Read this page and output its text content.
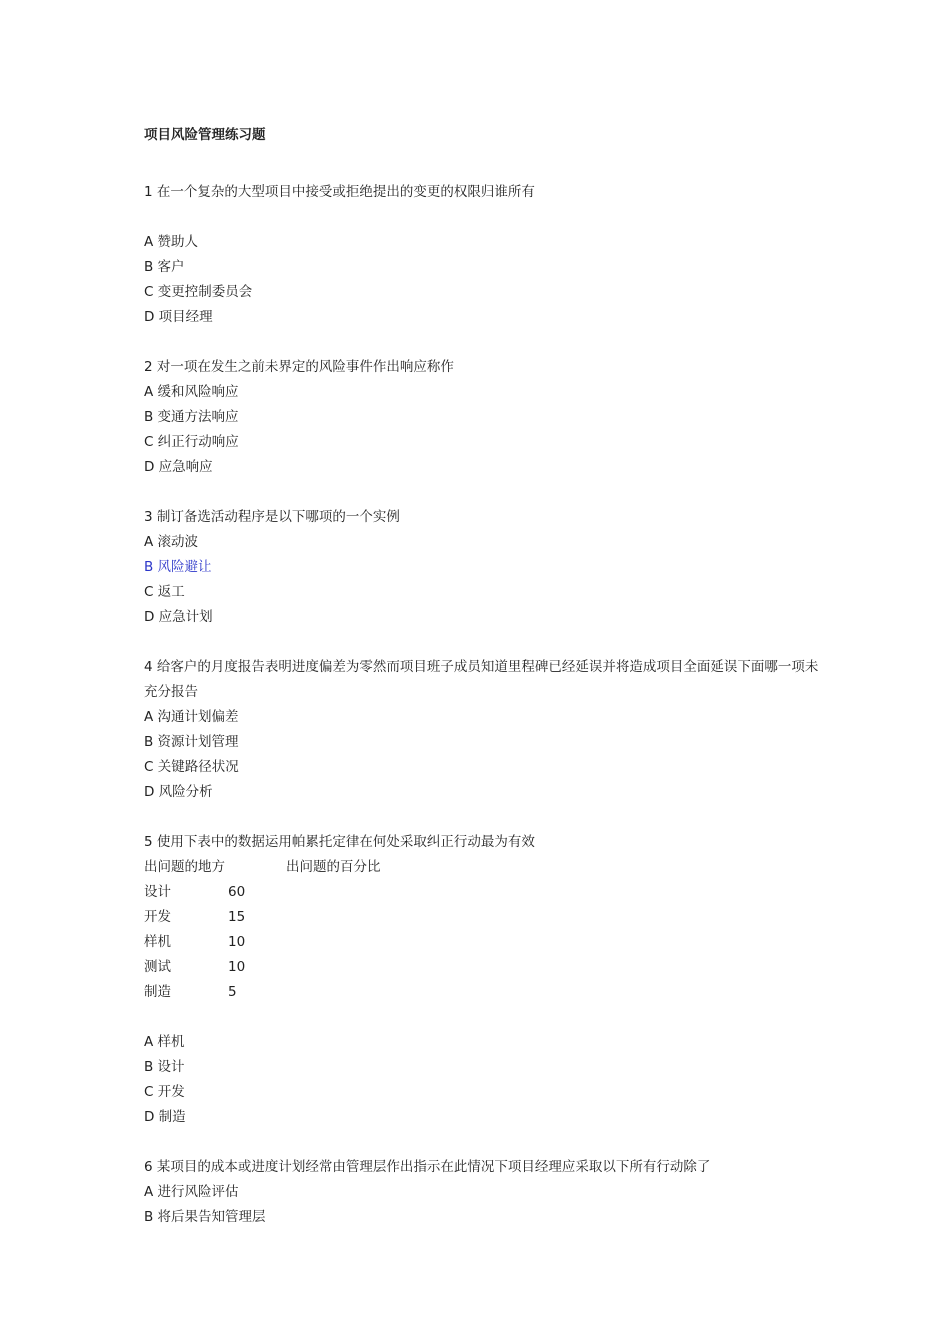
项目风险管理练习题
1 在一个复杂的大型项目中接受或拒绝提出的变更的权限归谁所有
A 赞助人
B 客户
C 变更控制委员会
D 项目经理
2 对一项在发生之前未界定的风险事件作出响应称作
A 缓和风险响应
B 变通方法响应
C 纠正行动响应
D 应急响应
3 制订备选活动程序是以下哪项的一个实例
A 滚动波
B 风险避让
C 返工
D 应急计划
4 给客户的月度报告表明进度偏差为零然而项目班子成员知道里程碑已经延误并将造成项目全面延误下面哪一项未充分报告
A 沟通计划偏差
B 资源计划管理
C 关键路径状况
D 风险分析
5 使用下表中的数据运用帕累托定律在何处采取纠正行动最为有效
出问题的地方	出问题的百分比
设计	60
开发	15
样机	10
测试	10
制造	5
A 样机
B 设计
C 开发
D 制造
6 某项目的成本或进度计划经常由管理层作出指示在此情况下项目经理应采取以下所有行动除了
A 进行风险评估
B 将后果告知管理层
